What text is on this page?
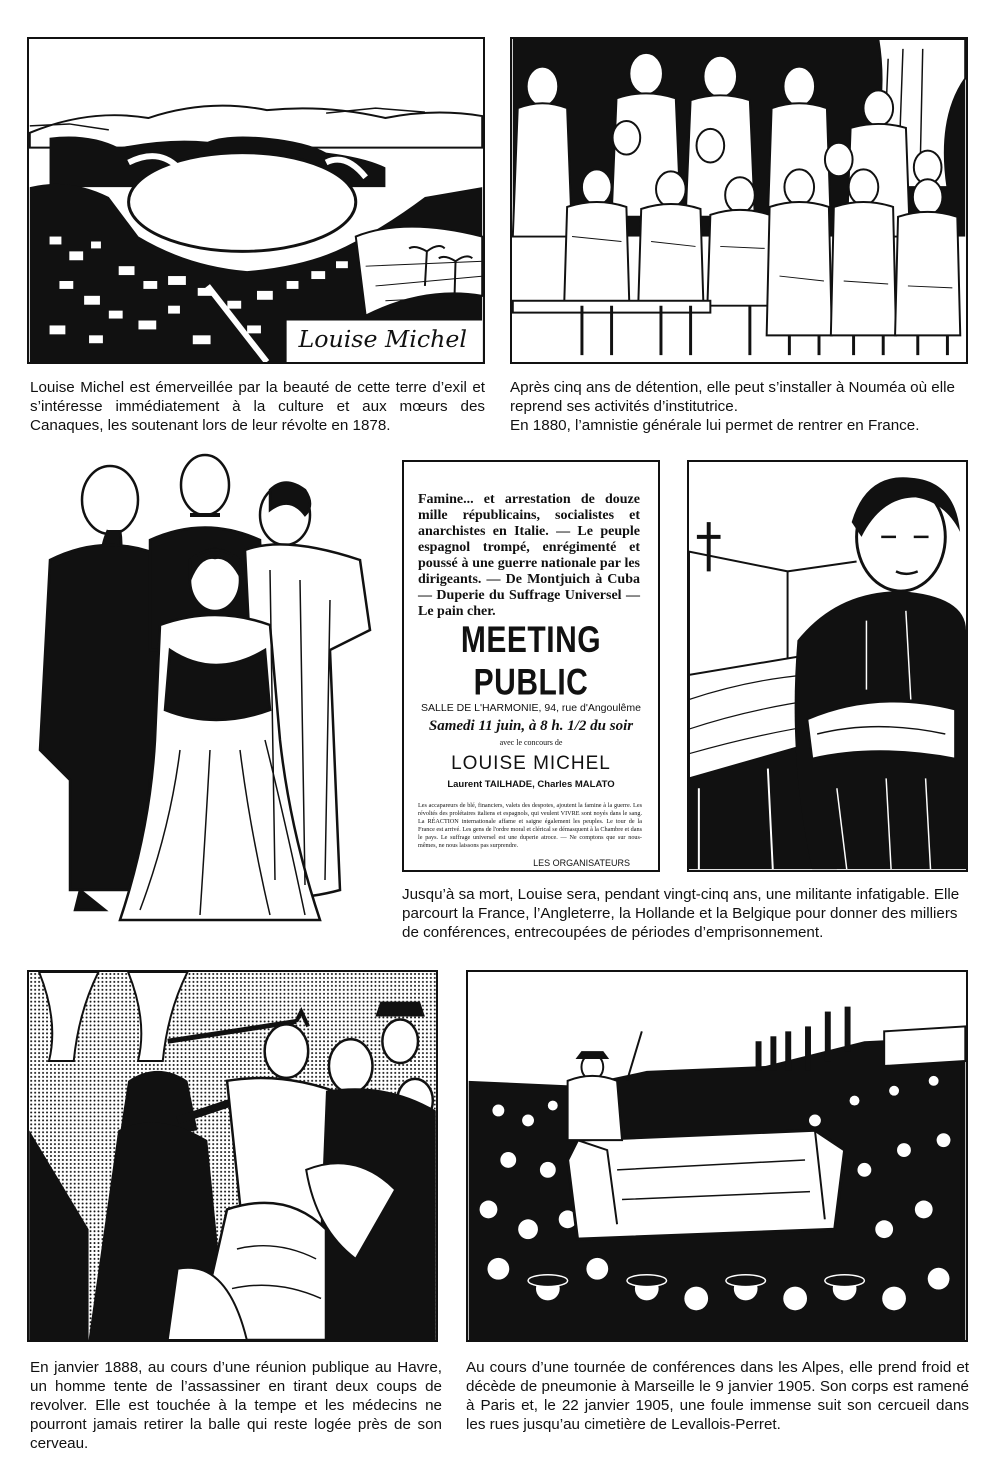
Louise Michel

Louise Michel est émerveillée par la beauté de cette terre d’exil et s’intéresse immédiatement à la culture et aux mœurs des Canaques, les soutenant lors de leur révolte en 1878.

Après cinq ans de détention, elle peut s’installer à Nouméa où elle reprend ses activités d’institutrice.

En 1880, l’amnistie générale lui permet de rentrer en France.

Famine... et arrestation de douze mille républicains, socialistes et anarchistes en Italie. — Le peuple espagnol trompé, enrégimenté et poussé à une guerre nationale par les dirigeants. — De Montjuich à Cuba — Duperie du Suffrage Universel — Le pain cher.
MEETING PUBLIC
SALLE DE L'HARMONIE, 94, rue d'Angoulême
Samedi 11 juin, à 8 h. 1/2 du soir
avec le concours de
LOUISE MICHEL
Laurent TAILHADE, Charles MALATO
Les accapareurs de blé, financiers, valets des despotes, ajoutent la famine à la guerre. Les révoltés des prolétaires italiens et espagnols, qui veulent VIVRE sont noyés dans le sang. La RÉACTION internationale affame et saigne également les peuples. Le tour de la France est arrivé. Les gens de l'ordre moral et clérical se démasquent à la Chambre et dans le pays. Le suffrage universel est une duperie atroce. — Ne comptons que sur nous-mêmes, ne nous laissons pas surprendre.
LES ORGANISATEURS

Jusqu’à sa mort, Louise sera, pendant vingt-cinq ans, une militante infatigable. Elle parcourt la France, l’Angleterre, la Hollande et la Belgique pour donner des milliers de conférences, entrecoupées de périodes d’emprisonnement.

En janvier 1888, au cours d’une réunion publique au Havre, un homme tente de l’assassiner en tirant deux coups de revolver. Elle est touchée à la tempe et les médecins ne pourront jamais retirer la balle qui reste logée près de son cerveau.

Au cours d’une tournée de conférences dans les Alpes, elle prend froid et décède de pneumonie à Marseille le 9 janvier 1905. Son corps est ramené à Paris et, le 22 janvier 1905, une foule immense suit son cercueil dans les rues jusqu’au cimetière de Levallois-Perret.
